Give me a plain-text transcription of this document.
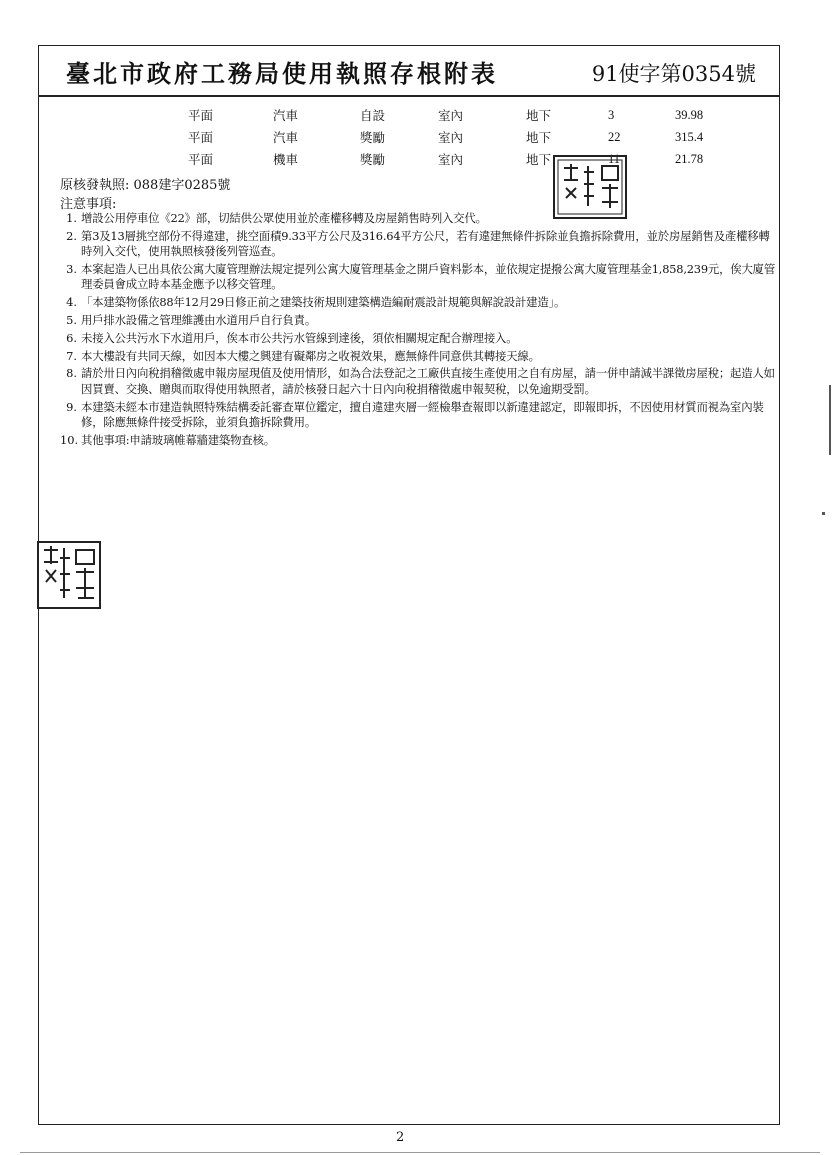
臺北市政府工務局使用執照存根附表	91使字第0354號
平面	汽車	自設	室內	地下	3	39.98
平面	汽車	獎勵	室內	地下	22	315.4
平面	機車	獎勵	室內	地下	11	21.78
原核發執照: 088建字0285號
注意事項:
1. 增設公用停車位《22》部，切結供公眾使用並於產權移轉及房屋銷售時列入交代。
2. 第3及13層挑空部份不得違建，挑空面積9.33平方公尺及316.64平方公尺，若有違建無條件拆除並負擔拆除費用，並於房屋銷售及產權移轉時列入交代，使用執照核發後列管巡查。
3. 本案起造人已出具依公寓大廈管理辦法規定提列公寓大廈管理基金之開戶資料影本，並依規定提撥公寓大廈管理基金1,858,239元，俟大廈管理委員會成立時本基金應予以移交管理。
4. 「本建築物係依88年12月29日修正前之建築技術規則建築構造編耐震設計規範與解說設計建造」。
5. 用戶排水設備之管理維護由水道用戶自行負責。
6. 未接入公共污水下水道用戶，俟本市公共污水管線到達後，須依相關規定配合辦理接入。
7. 本大樓設有共同天線，如因本大樓之興建有礙鄰房之收視效果，應無條件同意供其轉接天線。
8. 請於卅日內向稅捐稽徵處申報房屋現值及使用情形，如為合法登記之工廠供直接生產使用之自有房屋，請一併申請減半課徵房屋稅；起造人如因買賣、交換、贈與而取得使用執照者，請於核發日起六十日內向稅捐稽徵處申報契稅，以免逾期受罰。
9. 本建築未經本市建造執照特殊結構委託審查單位鑑定，擅自違建夾層一經檢舉查報即以新違建認定，即報即拆，不因使用材質而視為室內裝修，除應無條件接受拆除，並須負擔拆除費用。
10. 其他事項:申請玻璃帷幕牆建築物查核。
2
